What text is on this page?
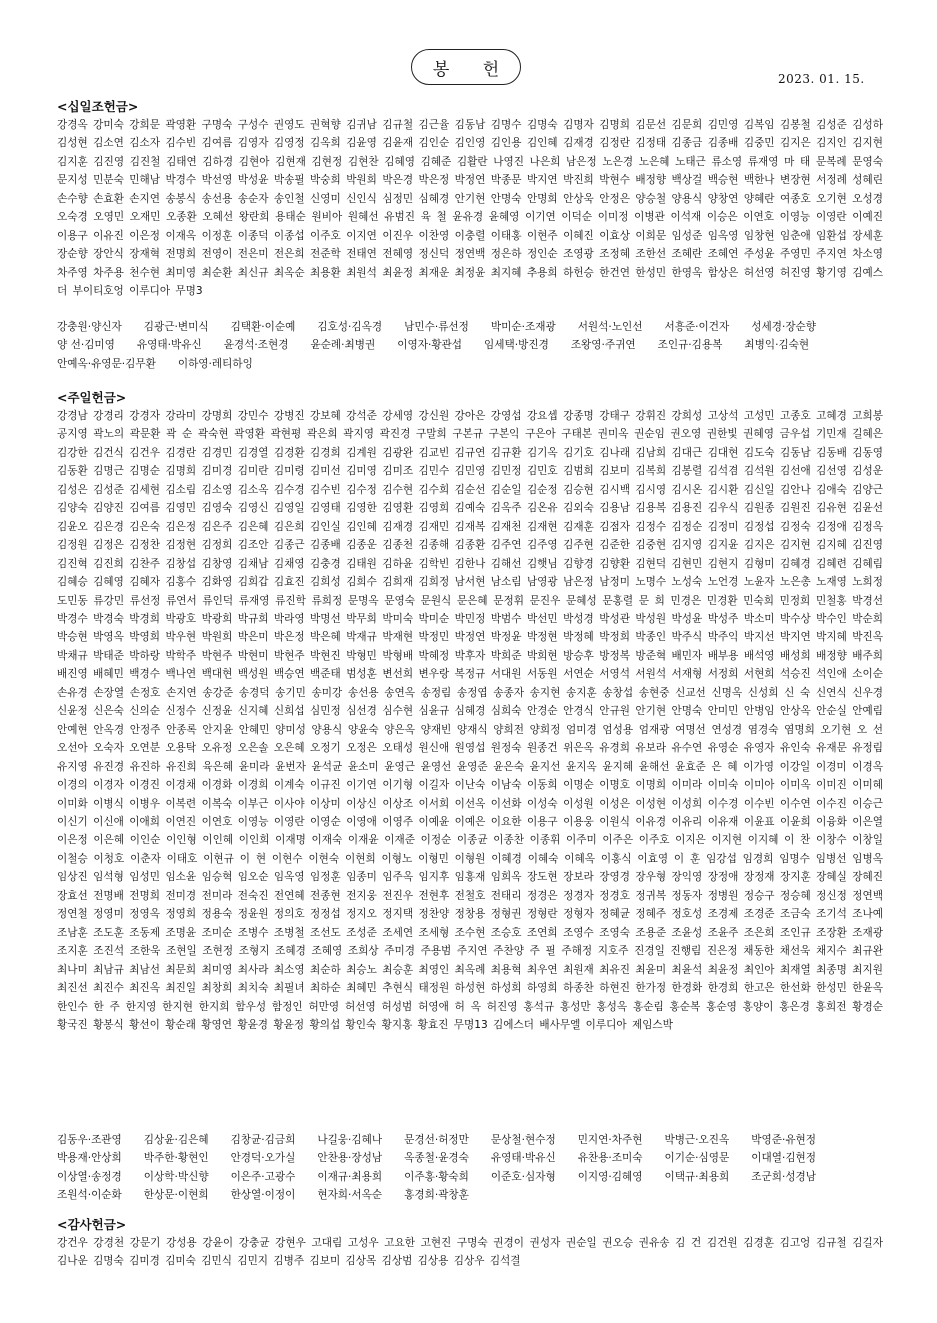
봉 헌	2023. 01. 15.
<십일조헌금>
강경옥 강미숙 강희문 곽영환 구명숙 구성수 권영도 권혁향 김귀남 김규철 김근율 김동남 김명수 김명숙 김명자 김명희 김문선 김문희 김민영 김복임 김봉철 김성준 김성하 김성현 김소연 김소자 김수빈 김여름 김영자 김영정 김옥희 김윤영 김윤재 김인순 김인영 김인용 김인혜 김재경 김정란 김정태 김종금 김종배 김중민 김지은 김지인 김지현 김지훈 김진영 김진철 김태연 김하경 김현아 김현재 김현정 김현찬 김혜영 김혜준 김활란 나영진 나은희 남은정 노은경 노은혜 노태근 류소영 류재영 마 태 문복례 문영숙 문지성 민분숙 민해남 박경수 박선영 박성윤 박송필 박숭희 박원희 박은경 박은정 박정연 박종문 박지연 박진희 박현수 배정향 백상걸 백승현 백한나 변장현 서정례 성혜린 손수향 손효환 손지연 송봉식 송선용 송순자 송인철 신영미 신인식 심정민 심혜경 안기현 안명숙 안명희 안상욱 안정은 양승철 양용식 양창연 양혜란 여종호 오기현 오성경 오숙경 오영민 오재민 오종환 오혜선 왕란희 용태순 원비아 원혜선 유범진 육 철 윤유경 윤혜영 이기연 이덕순 이미정 이병관 이석재 이승은 이연호 이영능 이영란 이예진 이용구 이유진 이은정 이재옥 이정훈 이종덕 이종섭 이주호 이지연 이진우 이찬영 이충렬 이태홍 이현주 이혜진 이효상 이희문 임성준 임옥영 임창현 임춘애 임환섭 장세훈 장순향 장안식 장재혁 전명희 전영이 전은미 전은희 전준학 전태연 전혜영 정신덕 정연백 정은하 정인순 조영광 조정혜 조한선 조혜란 조혜연 주성윤 주영민 주지연 차소영 차주영 차주용 천수현 최미영 최순환 최신규 최옥순 최용환 최원석 최윤정 최재운 최정윤 최지혜 추용희 하헌승 한건연 한성민 한영옥 함상은 허선영 허진영 황기영 김예스더 부이티호엉 이루디아 무명3
강충원·양신자 김광근·변미식 김택환·이순예 김호성·김옥경 남민수·류선정 박미순·조재광 서원석·노인선 서흥준·이건자 성세경·장순향양 선·김미영 유영태·박유신 윤경석·조현경 윤순례·최병권 이영자·황관섭 임세택·방진경 조왕영·주귀연 조인규·김용복 최병익·김숙현안예옥·유영문·김무환 이하영·레티하잉
<주일헌금>
강경남 강경리 강경자 강라미 강명희 강민수 강병진 강보혜 강석준 강세영 강신원 강아은 강영섭 강요셉 강종명 강태구 강휘진 강희성 고상석 고성민 고종호 고혜경 고희봉 공지영 곽노의 곽문환 곽 순 곽숙현 곽영환 곽현평 곽은희 곽지영 곽진경 구말희 구본규 구본익 구은아 구태본 권미옥 권순임 권오영 권한빛 권혜영 금우섭 기민재 길혜은 김강한 김건식 김건우 김경란 김경민 김경열 김경환 김경희 김계원 김광완 김교빈 김규연 김규환 김기옥 김기호 김나래 김남희 김대근 김대현 김도숙 김동남 김동배 김동영 김동환 김명근 김명순 김명희 김미경 김미란 김미령 김미선 김미영 김미조 김민수 김민영 김민정 김민호 김범희 김보미 김복희 김봉렬 김석겸 김석원 김선애 김선영 김성운 김성은 김성준 김세현 김소림 김소영 김소옥 김수경 김수빈 김수정 김수현 김수희 김순선 김순일 김순정 김승현 김시백 김시영 김시온 김시환 김신일 김안나 김애숙 김양근 김양숙 김양진 김여름 김영민 김영숙 김영신 김영일 김영태 김영한 김영환 김영희 김예숙 김옥주 김온유 김외숙 김용남 김용복 김용진 김우식 김원종 김원진 김유현 김윤선 김윤오 김은경 김은숙 김은정 김은주 김은혜 김은희 김인실 김인혜 김재경 김재민 김재복 김재천 김재현 김재훈 김점자 김정수 김정순 김정미 김정섭 김정숙 김정애 김정옥 김정원 김정은 김정찬 김정현 김정희 김조안 김종근 김종배 김종운 김종천 김종해 김종환 김주연 김주영 김주현 김준한 김중현 김지영 김지윤 김지은 김지현 김지혜 김진영 김진혁 김진희 김찬주 김창섭 김창영 김채남 김채영 김충경 김태원 김하윤 김학빈 김한나 김해선 김햇님 김향경 김향환 김현덕 김현민 김현지 김형미 김혜경 김혜련 김혜림 김혜승 김혜영 김혜자 김홍수 김화영 김희갑 김효진 김희성 김희수 김희재 김희정 남서현 남소림 남영광 남은정 남정미 노명수 노성숙 노언경 노윤자 노은총 노재영 노희정 도민동 류강민 류선정 류연서 류인덕 류재영 류진학 류희정 문명옥 문영숙 문원식 문은혜 문정휘 문진우 문혜성 문홍렬 문 희 민경은 민경환 민숙희 민정희 민철홍 박경선 박경수 박경숙 박경희 박광호 박광희 박규희 박라영 박명선 박무희 박미숙 박미순 박민정 박범수 박선민 박성경 박성관 박성원 박성윤 박성주 박소미 박수상 박수인 박순희 박승현 박영옥 박영희 박우현 박원희 박은미 박은정 박은혜 박재규 박재현 박정민 박정연 박정윤 박정현 박정혜 박정희 박종인 박주식 박주익 박지선 박지연 박지혜 박진옥 박채규 박태준 박하랑 박학주 박현주 박현미 박현주 박현진 박형민 박형배 박혜정 박후자 박희준 박희현 방승후 방정복 방준혁 배민자 배부용 배석영 배성희 배정향 배주희 배진영 배혜민 백경수 백나연 백대현 백성원 백승연 백준태 범성훈 변선희 변우랑 복정규 서대원 서동원 서연순 서영석 서원석 서재형 서정희 서현희 석승진 석인애 소이순 손유경 손장열 손정호 손지연 송강준 송경덕 송기민 송미강 송선용 송연옥 송정림 송정엽 송종자 송지현 송지훈 송창섭 송현중 신교선 신명옥 신성희 신 숙 신연식 신우경 신윤정 신은숙 신의순 신정수 신정윤 신지혜 신희섭 심민정 심선경 심수현 심윤규 심혜경 심희숙 안경순 안경식 안규원 안기현 안명숙 안미민 안병임 안상옥 안순실 안예림 안예현 안옥경 안정주 안종록 안지윤 안혜민 양미성 양용식 양윤숙 양은옥 양재빈 양재식 양희전 양희정 엄미경 엄성용 엄재광 여명선 연성경 염경숙 염명희 오기현 오 선 오선아 오숙자 오연분 오용탁 오유정 오은솔 오은혜 오정기 오정은 오태성 원신애 원영섭 원정숙 원종건 위은옥 유경희 유보라 유수연 유영순 유영자 유인숙 유재문 유정림 유지영 유진경 유진하 유진희 육은혜 윤미라 윤번자 윤석균 윤소미 윤영근 윤영선 윤영준 윤은숙 윤지선 윤지옥 윤지혜 윤해선 윤효준 은 혜 이가영 이강일 이경미 이경옥 이경의 이경자 이경진 이경채 이경화 이경희 이계숙 이규진 이기연 이기형 이길자 이난숙 이남숙 이동희 이명순 이명호 이명희 이미라 이미숙 이미아 이미옥 이미진 이미혜 이미화 이병식 이병우 이복련 이복숙 이부근 이사야 이상미 이상신 이상조 이서희 이선옥 이선화 이성숙 이성원 이성은 이성현 이성희 이수경 이수빈 이수연 이수진 이승근 이신기 이신애 이애희 이연진 이연호 이영능 이영란 이영순 이영애 이영주 이예윤 이예은 이요한 이용구 이용웅 이원식 이유경 이유리 이유재 이윤표 이윤희 이융화 이은열 이은정 이은혜 이인순 이인형 이인혜 이인희 이재명 이재숙 이재윤 이재준 이정순 이종균 이종찬 이종휘 이주미 이주은 이주호 이지은 이지현 이지혜 이 찬 이창수 이창일 이철승 이청호 이춘자 이태호 이현규 이 현 이현수 이현숙 이현희 이형노 이형민 이형원 이혜경 이혜숙 이혜옥 이홍식 이효영 이 훈 임강섭 임경희 임명수 임병선 임병옥 임상진 임석형 임성민 임소윤 임승혁 임오순 임옥영 임정훈 임종미 임주옥 임지후 임홍재 임희옥 장도현 장보라 장영경 장우형 장익영 장정애 장정재 장지훈 장혜실 장혜진 장효선 전명배 전명희 전미경 전미라 전숙진 전연혜 전종현 전지웅 전진우 전현후 전철호 전태리 정경은 정경자 정경호 정귀복 정동자 정병원 정승구 정승혜 정신정 정연백 정연철 정영미 정영옥 정영희 정용숙 정윤원 정의호 정정섭 정지오 정지택 정찬양 정창용 정형권 정형란 정형자 정혜균 정혜주 정호성 조경제 조경준 조금숙 조기석 조나예 조남훈 조도훈 조동제 조명윤 조미순 조병수 조병철 조선도 조성준 조세연 조세형 조수현 조승호 조연희 조영수 조영숙 조용준 조윤성 조윤주 조은희 조인규 조장환 조재광 조지훈 조진석 조한욱 조현일 조현정 조형지 조혜경 조혜영 조희상 주미경 주용범 주지연 주찬양 주 필 주해정 지호주 진경일 진행림 진은정 채동한 채선욱 채지수 최규완 최나미 최남규 최남선 최문희 최미영 최사라 최소영 최순하 최승노 최승훈 최영인 최옥례 최용혁 최우연 최원재 최유진 최윤미 최윤석 최윤정 최인아 최재열 최종명 최지원 최진선 최진수 최진옥 최진일 최창희 최치숙 최필녀 최하순 최혜민 추현식 태정원 하성현 하성희 하영희 하종찬 하현진 한가정 한경화 한경희 한고은 한선화 한성민 한윤옥 한인수 한 주 한지영 한지현 한지희 함우성 함정인 허만영 허선영 허성범 허영애 허 옥 허진영 홍석규 홍성만 홍성옥 홍순림 홍순복 홍순영 홍양이 홍은경 홍희전 황경순 황국진 황봉식 황선이 황순래 황영연 황윤경 황윤정 황의섭 황인숙 황지홍 황효진 무명13 김에스더 배사무엘 이루디아 제임스박
김동우·조관영 김상윤·김은혜 김창균·김금희 나길웅·김혜나 문경선·허정만 문상철·현수정 민지연·차주현 박병근·오진옥 박영준·유현정박용재·안상희 박주한·황현인 안경덕·오가실 안찬용·장성남 옥종철·윤경숙 유영태·박유신 유찬용·조미숙 이기순·심영문 이대열·김현정이상열·송정경 이상학·박신향 이은주·고광수 이재규·최용희 이주홍·황숙희 이준호·심자형 이지영·김혜영 이택규·최용희 조군희·성경남조원석·이순화 한상문·이현희 한상열·이정이 현자희·서옥순 홍경희·곽창훈
<감사헌금>
강건우 강경천 강문기 강성용 강윤이 강충균 강현우 고대림 고성우 고요한 고현진 구명숙 권경이 권성자 권순일 권오승 권유송 김 건 김건원 김경훈 김고엉 김규철 김길자 김나운 김명숙 김미경 김미숙 김민식 김민지 김병주 김보미 김상목 김상범 김상용 김상우 김석결
